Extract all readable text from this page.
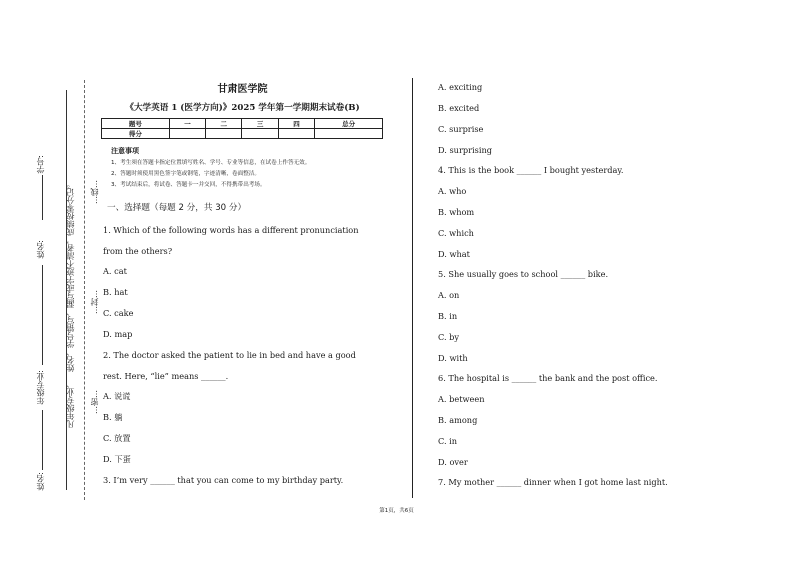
学号:
姓名:
年级专业:
姓名:
姓名、学号错写、漏写或字迹不清者，成绩按零分记。
凡年级专业、
…线…
…封…
…密…
甘肃医学院
《大学英语 1 (医学方向)》2025 学年第一学期期末试卷(B)
题号	一	二	三	四	总分
得分					
注意事项
1、考生须在答题卡指定位置填写姓名、学号、专业等信息，在试卷上作答无效。
2、答题时须使用黑色签字笔或钢笔，字迹清晰，卷面整洁。
3、考试结束后，将试卷、答题卡一并交回，不得携带出考场。
一、选择题（每题 2 分，共 30 分）
1. Which of the following words has a different pronunciation
from the others?
A. cat
B. hat
C. cake
D. map
2. The doctor asked the patient to lie in bed and have a good
rest. Here, “lie” means ______.
A. 说谎
B. 躺
C. 放置
D. 下蛋
3. I’m very ______ that you can come to my birthday party.
A. exciting
B. excited
C. surprise
D. surprising
4. This is the book ______ I bought yesterday.
A. who
B. whom
C. which
D. what
5. She usually goes to school ______ bike.
A. on
B. in
C. by
D. with
6. The hospital is ______ the bank and the post office.
A. between
B. among
C. in
D. over
7. My mother ______ dinner when I got home last night.
第1页，共6页
